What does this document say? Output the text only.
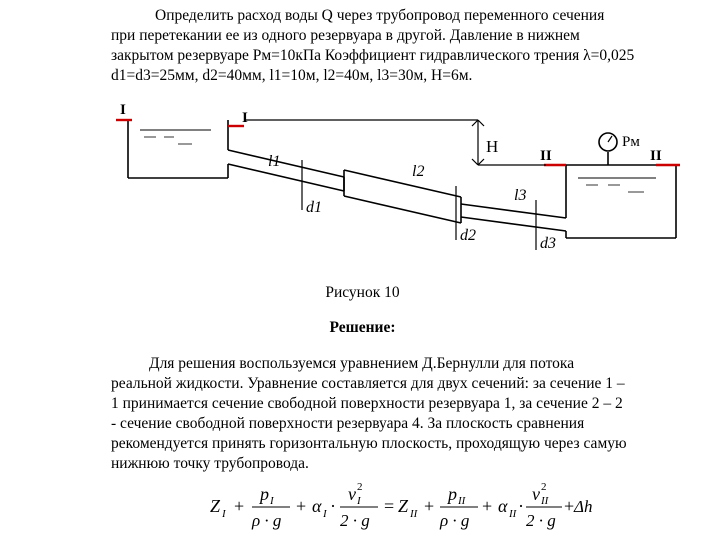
Определить расход воды Q через трубопровод переменного сечения

при перетекании ее из одного резервуара в другой. Давление в нижнем

закрытом резервуаре Pм=10кПа Коэффициент гидравлического трения λ=0,025

d1=d3=25мм, d2=40мм, l1=10м, l2=40м, l3=30м, H=6м.

I	I
Pм
II	II
H
l1
d1
l2
d2
l3
d3

Рисунок 10

Решение:

Для решения воспользуемся уравнением Д.Бернулли для потока

реальной жидкости. Уравнение составляется для двух сечений: за сечение 1 –

1 принимается сечение свободной поверхности резервуара 1, за сечение 2 – 2

- сечение свободной поверхности резервуара 4. За плоскость сравнения

рекомендуется принять горизонтальную плоскость, проходящую через самую

нижнюю точку трубопровода.

Z I +
p I
ρ · g
+ α I ·
v 2
I
2 · g
= Z II +
p II
ρ · g
+ α II ·
v 2
II
2 · g
+ Δh
